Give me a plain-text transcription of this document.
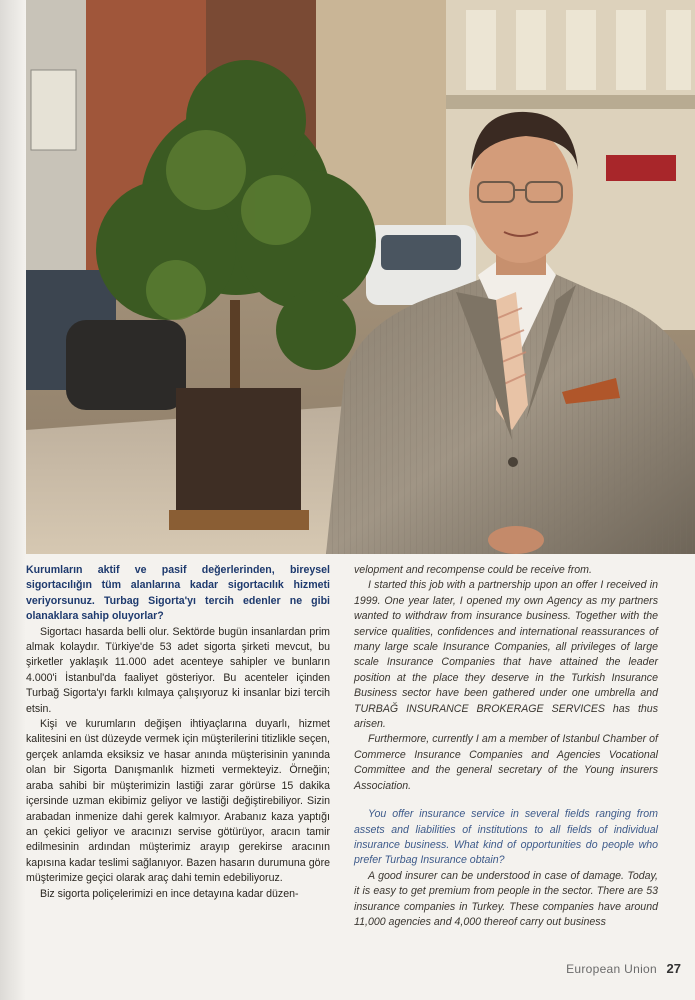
Kurumların aktif ve pasif değerlerinden, bireysel sigortacılığın tüm alanlarına kadar sigortacılık hizmeti veriyorsunuz. Turbag Sigorta'yı tercih edenler ne gibi olanaklara sahip oluyorlar?

Sigortacı hasarda belli olur. Sektörde bugün insanlardan prim almak kolaydır. Türkiye'de 53 adet sigorta şirketi mevcut, bu şirketler yaklaşık 11.000 adet acenteye sahipler ve bunların 4.000'i İstanbul'da faaliyet gösteriyor. Bu acenteler içinden Turbağ Sigorta'yı farklı kılmaya çalışıyoruz ki insanlar bizi tercih etsin.

Kişi ve kurumların değişen ihtiyaçlarına duyarlı, hizmet kalitesini en üst düzeyde vermek için müşterilerini titizlikle seçen, gerçek anlamda eksiksiz ve hasar anında müşterisinin yanında olan bir Sigorta Danışmanlık hizmeti vermekteyiz. Örneğin; araba sahibi bir müşterimizin lastiği zarar görürse 15 dakika içersinde uzman ekibimiz geliyor ve lastiği değiştirebiliyor. Sizin arabadan inmenize dahi gerek kalmıyor. Arabanız kaza yaptığı an çekici geliyor ve aracınızı servise götürüyor, aracın tamir edilmesinin ardından müşterimiz arayıp gerekirse aracının kapısına kadar teslimi sağlanıyor. Bazen hasarın durumuna göre müşterimize geçici olarak araç dahi temin edebiliyoruz.

Biz sigorta poliçelerimizi en ince detayına kadar düzen-

velopment and recompense could be receive from.

I started this job with a partnership upon an offer I received in 1999. One year later, I opened my own Agency as my partners wanted to withdraw from insurance business. Together with the service qualities, confidences and international reassurances of many large scale Insurance Companies, all privileges of large scale Insurance Companies that have attained the leader position at the place they deserve in the Turkish Insurance Business sector have been gathered under one umbrella and TURBAĞ INSURANCE BROKERAGE SERVICES has thus arisen.

Furthermore, currently I am a member of Istanbul Chamber of Commerce Insurance Companies and Agencies Vocational Committee and the general secretary of the Young insurers Association.

You offer insurance service in several fields ranging from assets and liabilities of institutions to all fields of individual insurance business. What kind of opportunities do people who prefer Turbag Insurance obtain?

A good insurer can be understood in case of damage. Today, it is easy to get premium from people in the sector. There are 53 insurance companies in Turkey. These companies have around 11,000 agencies and 4,000 thereof carry out business

European Union 27
